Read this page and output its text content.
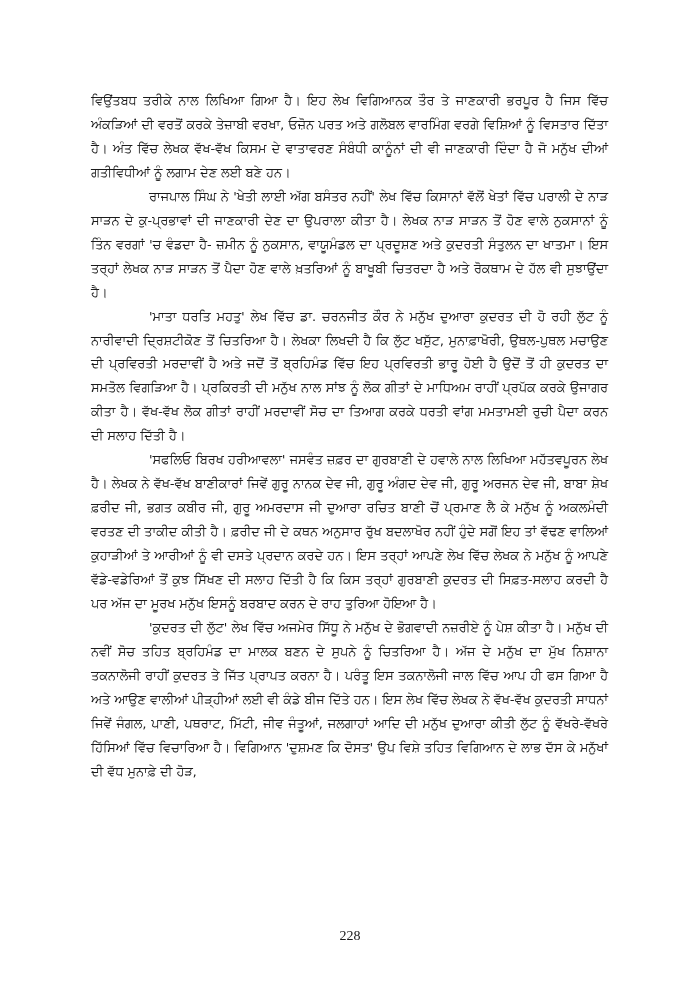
ਵਿਉਂਤਬਧ ਤਰੀਕੇ ਨਾਲ ਲਿਖਿਆ ਗਿਆ ਹੈ। ਇਹ ਲੇਖ ਵਿਗਿਆਨਕ ਤੌਰ ਤੇ ਜਾਣਕਾਰੀ ਭਰਪੂਰ ਹੈ ਜਿਸ ਵਿੱਚ ਅੰਕੜਿਆਂ ਦੀ ਵਰਤੋਂ ਕਰਕੇ ਤੇਜ਼ਾਬੀ ਵਰਖਾ, ਓਜ਼ੋਨ ਪਰਤ ਅਤੇ ਗਲੋਬਲ ਵਾਰਮਿੰਗ ਵਰਗੇ ਵਿਸ਼ਿਆਂ ਨੂੰ ਵਿਸਤਾਰ ਦਿੱਤਾ ਹੈ। ਅੰਤ ਵਿੱਚ ਲੇਖਕ ਵੱਖ-ਵੱਖ ਕਿਸਮ ਦੇ ਵਾਤਾਵਰਣ ਸੰਬੰਧੀ ਕਾਨੂੰਨਾਂ ਦੀ ਵੀ ਜਾਣਕਾਰੀ ਦਿੰਦਾ ਹੈ ਜੋ ਮਨੁੱਖ ਦੀਆਂ ਗਤੀਵਿਧੀਆਂ ਨੂੰ ਲਗਾਮ ਦੇਣ ਲਈ ਬਣੇ ਹਨ।

ਰਾਜਪਾਲ ਸਿੰਘ ਨੇ 'ਖੇਤੀ ਲਾਈ ਅੱਗ ਬਸੰਤਰ ਨਹੀਂ' ਲੇਖ ਵਿੱਚ ਕਿਸਾਨਾਂ ਵੱਲੋਂ ਖੇਤਾਂ ਵਿੱਚ ਪਰਾਲੀ ਦੇ ਨਾੜ ਸਾੜਨ ਦੇ ਕੁ-ਪ੍ਰਭਾਵਾਂ ਦੀ ਜਾਣਕਾਰੀ ਦੇਣ ਦਾ ਉਪਰਾਲਾ ਕੀਤਾ ਹੈ। ਲੇਖਕ ਨਾੜ ਸਾੜਨ ਤੋਂ ਹੋਣ ਵਾਲੇ ਨੁਕਸਾਨਾਂ ਨੂੰ ਤਿੰਨ ਵਰਗਾਂ 'ਚ ਵੰਡਦਾ ਹੈ- ਜ਼ਮੀਨ ਨੂੰ ਨੁਕਸਾਨ, ਵਾਯੂਮੰਡਲ ਦਾ ਪ੍ਰਦੂਸ਼ਣ ਅਤੇ ਕੁਦਰਤੀ ਸੰਤੁਲਨ ਦਾ ਖਾਤਮਾ। ਇਸ ਤਰ੍ਹਾਂ ਲੇਖਕ ਨਾੜ ਸਾੜਨ ਤੋਂ ਪੈਦਾ ਹੋਣ ਵਾਲੇ ਖ਼ਤਰਿਆਂ ਨੂੰ ਬਾਖੂਬੀ ਚਿਤਰਦਾ ਹੈ ਅਤੇ ਰੋਕਥਾਮ ਦੇ ਹੱਲ ਵੀ ਸੁਝਾਉਂਦਾ ਹੈ।

'ਮਾਤਾ ਧਰਤਿ ਮਹਤੁ' ਲੇਖ ਵਿੱਚ ਡਾ. ਚਰਨਜੀਤ ਕੌਰ ਨੇ ਮਨੁੱਖ ਦੁਆਰਾ ਕੁਦਰਤ ਦੀ ਹੋ ਰਹੀ ਲੁੱਟ ਨੂੰ ਨਾਰੀਵਾਦੀ ਦ੍ਰਿਸ਼ਟੀਕੋਣ ਤੋਂ ਚਿਤਰਿਆ ਹੈ। ਲੇਖਕਾ ਲਿਖਦੀ ਹੈ ਕਿ ਲੁੱਟ ਖਸੁੱਟ, ਮੁਨਾਫ਼ਾਖੋਰੀ, ਉਥਲ-ਪੁਥਲ ਮਚਾਉਣ ਦੀ ਪ੍ਰਵਿਰਤੀ ਮਰਦਾਵੀਂ ਹੈ ਅਤੇ ਜਦੋਂ ਤੋਂ ਬ੍ਰਹਿਮੰਡ ਵਿੱਚ ਇਹ ਪ੍ਰਵਿਰਤੀ ਭਾਰੂ ਹੋਈ ਹੈ ਉਦੋਂ ਤੋਂ ਹੀ ਕੁਦਰਤ ਦਾ ਸਮਤੋਲ ਵਿਗੜਿਆ ਹੈ। ਪ੍ਰਕਿਰਤੀ ਦੀ ਮਨੁੱਖ ਨਾਲ ਸਾਂਝ ਨੂੰ ਲੋਕ ਗੀਤਾਂ ਦੇ ਮਾਧਿਅਮ ਰਾਹੀਂ ਪ੍ਰਪੱਕ ਕਰਕੇ ਉਜਾਗਰ ਕੀਤਾ ਹੈ। ਵੱਖ-ਵੱਖ ਲੋਕ ਗੀਤਾਂ ਰਾਹੀਂ ਮਰਦਾਵੀਂ ਸੋਚ ਦਾ ਤਿਆਗ ਕਰਕੇ ਧਰਤੀ ਵਾਂਗ ਮਮਤਾਮਈ ਰੁਚੀ ਪੈਦਾ ਕਰਨ ਦੀ ਸਲਾਹ ਦਿੱਤੀ ਹੈ।

'ਸਫਲਿਓ ਬਿਰਖ ਹਰੀਆਵਲਾ' ਜਸਵੰਤ ਜ਼ਫ਼ਰ ਦਾ ਗੁਰਬਾਣੀ ਦੇ ਹਵਾਲੇ ਨਾਲ ਲਿਖਿਆ ਮਹੱਤਵਪੂਰਨ ਲੇਖ ਹੈ। ਲੇਖਕ ਨੇ ਵੱਖ-ਵੱਖ ਬਾਣੀਕਾਰਾਂ ਜਿਵੇਂ ਗੁਰੂ ਨਾਨਕ ਦੇਵ ਜੀ, ਗੁਰੂ ਅੰਗਦ ਦੇਵ ਜੀ, ਗੁਰੂ ਅਰਜਨ ਦੇਵ ਜੀ, ਬਾਬਾ ਸ਼ੇਖ ਫ਼ਰੀਦ ਜੀ, ਭਗਤ ਕਬੀਰ ਜੀ, ਗੁਰੂ ਅਮਰਦਾਸ ਜੀ ਦੁਆਰਾ ਰਚਿਤ ਬਾਣੀ ਚੋਂ ਪ੍ਰਮਾਣ ਲੈ ਕੇ ਮਨੁੱਖ ਨੂੰ ਅਕਲਮੰਦੀ ਵਰਤਣ ਦੀ ਤਾਕੀਦ ਕੀਤੀ ਹੈ। ਫ਼ਰੀਦ ਜੀ ਦੇ ਕਥਨ ਅਨੁਸਾਰ ਰੁੱਖ ਬਦਲਾਖੋਰ ਨਹੀਂ ਹੁੰਦੇ ਸਗੋਂ ਇਹ ਤਾਂ ਵੱਢਣ ਵਾਲਿਆਂ ਕੁਹਾੜੀਆਂ ਤੇ ਆਰੀਆਂ ਨੂੰ ਵੀ ਦਸਤੇ ਪ੍ਰਦਾਨ ਕਰਦੇ ਹਨ। ਇਸ ਤਰ੍ਹਾਂ ਆਪਣੇ ਲੇਖ ਵਿੱਚ ਲੇਖਕ ਨੇ ਮਨੁੱਖ ਨੂੰ ਆਪਣੇ ਵੱਡੇ-ਵਡੇਰਿਆਂ ਤੋਂ ਕੁਝ ਸਿੱਖਣ ਦੀ ਸਲਾਹ ਦਿੱਤੀ ਹੈ ਕਿ ਕਿਸ ਤਰ੍ਹਾਂ ਗੁਰਬਾਣੀ ਕੁਦਰਤ ਦੀ ਸਿਫ਼ਤ-ਸਲਾਹ ਕਰਦੀ ਹੈ ਪਰ ਅੱਜ ਦਾ ਮੂਰਖ ਮਨੁੱਖ ਇਸਨੂੰ ਬਰਬਾਦ ਕਰਨ ਦੇ ਰਾਹ ਤੁਰਿਆ ਹੋਇਆ ਹੈ।

'ਕੁਦਰਤ ਦੀ ਲੁੱਟ' ਲੇਖ ਵਿੱਚ ਅਜਮੇਰ ਸਿੱਧੂ ਨੇ ਮਨੁੱਖ ਦੇ ਭੋਗਵਾਦੀ ਨਜ਼ਰੀਏ ਨੂੰ ਪੇਸ਼ ਕੀਤਾ ਹੈ। ਮਨੁੱਖ ਦੀ ਨਵੀਂ ਸੋਚ ਤਹਿਤ ਬ੍ਰਹਿਮੰਡ ਦਾ ਮਾਲਕ ਬਣਨ ਦੇ ਸੁਪਨੇ ਨੂੰ ਚਿਤਰਿਆ ਹੈ। ਅੱਜ ਦੇ ਮਨੁੱਖ ਦਾ ਮੁੱਖ ਨਿਸ਼ਾਨਾ ਤਕਨਾਲੋਜੀ ਰਾਹੀਂ ਕੁਦਰਤ ਤੇ ਜਿੱਤ ਪ੍ਰਾਪਤ ਕਰਨਾ ਹੈ। ਪਰੰਤੂ ਇਸ ਤਕਨਾਲੋਜੀ ਜਾਲ ਵਿੱਚ ਆਪ ਹੀ ਫਸ ਗਿਆ ਹੈ ਅਤੇ ਆਉਣ ਵਾਲੀਆਂ ਪੀੜ੍ਹੀਆਂ ਲਈ ਵੀ ਕੰਡੇ ਬੀਜ ਦਿੱਤੇ ਹਨ। ਇਸ ਲੇਖ ਵਿੱਚ ਲੇਖਕ ਨੇ ਵੱਖ-ਵੱਖ ਕੁਦਰਤੀ ਸਾਧਨਾਂ ਜਿਵੇਂ ਜੰਗਲ, ਪਾਣੀ, ਪਥਰਾਟ, ਮਿੱਟੀ, ਜੀਵ ਜੰਤੂਆਂ, ਜਲਗਾਹਾਂ ਆਦਿ ਦੀ ਮਨੁੱਖ ਦੁਆਰਾ ਕੀਤੀ ਲੁੱਟ ਨੂੰ ਵੱਖਰੇ-ਵੱਖਰੇ ਹਿੱਸਿਆਂ ਵਿੱਚ ਵਿਚਾਰਿਆ ਹੈ। ਵਿਗਿਆਨ 'ਦੁਸ਼ਮਣ ਕਿ ਦੋਸਤ' ਉਪ ਵਿਸ਼ੇ ਤਹਿਤ ਵਿਗਿਆਨ ਦੇ ਲਾਭ ਦੱਸ ਕੇ ਮਨੁੱਖਾਂ ਦੀ ਵੱਧ ਮੁਨਾਫ਼ੇ ਦੀ ਹੋੜ,

228
